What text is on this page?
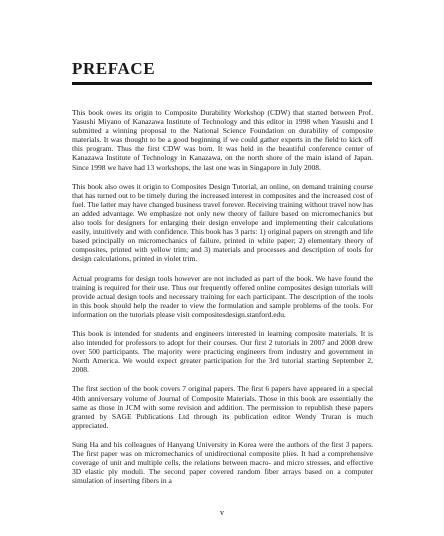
PREFACE

This book owes its origin to Composite Durability Workshop (CDW) that started between Prof. Yasushi Miyano of Kanazawa Institute of Technology and this editor in 1998 when Yasushi and I submitted a winning proposal to the National Science Foundation on durability of composite materials. It was thought to be a good beginning if we could gather experts in the field to kick off this program. Thus the first CDW was born. It was held in the beautiful conference center of Kanazawa Institute of Technology in Kanazawa, on the north shore of the main island of Japan. Since 1998 we have had 13 workshops, the last one was in Singapore in July 2008.

This book also owes it origin to Composites Design Tutorial, an online, on demand training course that has turned out to be timely during the increased interest in composites and the increased cost of fuel. The latter may have changed business travel forever. Receiving training without travel now has an added advantage. We emphasize not only new theory of failure based on micromechanics but also tools for designers for enlarging their design envelope and implementing their calculations easily, intuitively and with confidence. This book has 3 parts: 1) original papers on strength and life based principally on micromechanics of failure, printed in white paper; 2) elementary theory of composites, printed with yellow trim; and 3) materials and processes and description of tools for design calculations, printed in violet trim.

Actual programs for design tools however are not included as part of the book. We have found the training is required for their use. Thus our frequently offered online composites design tutorials will provide actual design tools and necessary training for each participant. The description of the tools in this book should help the reader to view the formulation and sample problems of the tools. For information on the tutorials please visit compositesdesign.stanford.edu.

This book is intended for students and engineers interested in learning composite materials. It is also intended for professors to adopt for their courses. Our first 2 tutorials in 2007 and 2008 drew over 500 participants. The majority were practicing engineers from industry and government in North America. We would expect greater participation for the 3rd tutorial starting September 2, 2008.

The first section of the book covers 7 original papers. The first 6 papers have appeared in a special 40th anniversary volume of Journal of Composite Materials. Those in this book are essentially the same as those in JCM with some revision and addition. The permission to republish these papers granted by SAGE Publications Ltd through its publication editor Wendy Truran is much appreciated.

Sung Ha and his colleagues of Hanyang University in Korea were the authors of the first 3 papers. The first paper was on micromechanics of unidirectional composite plies. It had a comprehensive coverage of unit and multiple cells, the relations between macro- and micro stresses, and effective 3D elastic ply moduli. The second paper covered random fiber arrays based on a computer simulation of inserting fibers in a

v
